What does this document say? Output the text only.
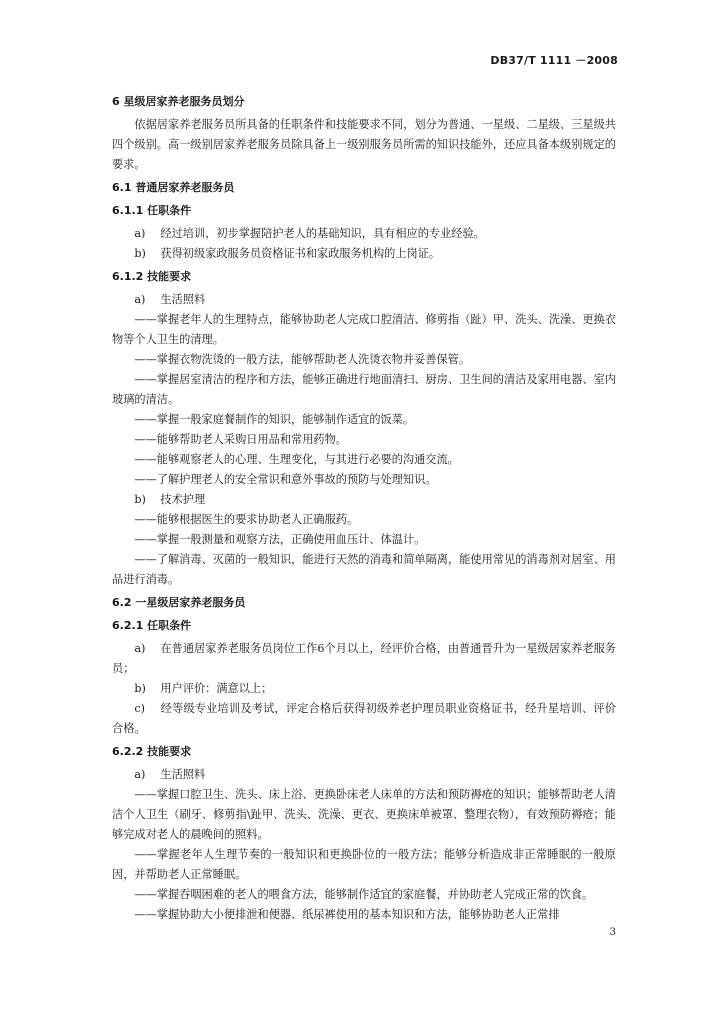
DB37/T 1111 －2008
6 星级居家养老服务员划分

依据居家养老服务员所具备的任职条件和技能要求不同，划分为普通、一星级、二星级、三星级共四个级别。高一级别居家养老服务员除具备上一级别服务员所需的知识技能外，还应具备本级别规定的要求。

6.1 普通居家养老服务员
6.1.1 任职条件

a) 经过培训，初步掌握陪护老人的基础知识，具有相应的专业经验。

b) 获得初级家政服务员资格证书和家政服务机构的上岗证。

6.1.2 技能要求

a) 生活照料

——掌握老年人的生理特点，能够协助老人完成口腔清洁、修剪指（趾）甲、洗头、洗澡、更换衣物等个人卫生的清理。

——掌握衣物洗烫的一般方法，能够帮助老人洗烫衣物并妥善保管。

——掌握居室清洁的程序和方法，能够正确进行地面清扫、厨房、卫生间的清洁及家用电器、室内玻璃的清洁。

——掌握一般家庭餐制作的知识，能够制作适宜的饭菜。

——能够帮助老人采购日用品和常用药物。

——能够观察老人的心理、生理变化，与其进行必要的沟通交流。

——了解护理老人的安全常识和意外事故的预防与处理知识。

b) 技术护理

——能够根据医生的要求协助老人正确服药。

——掌握一般测量和观察方法，正确使用血压计、体温计。

——了解消毒、灭菌的一般知识，能进行天然的消毒和简单隔离，能使用常见的消毒剂对居室、用品进行消毒。

6.2 一星级居家养老服务员
6.2.1 任职条件

a) 在普通居家养老服务员岗位工作6个月以上，经评价合格，由普通晋升为一星级居家养老服务员；

b) 用户评价：满意以上；

c) 经等级专业培训及考试，评定合格后获得初级养老护理员职业资格证书，经升星培训、评价合格。

6.2.2 技能要求

a) 生活照料

——掌握口腔卫生、洗头、床上浴、更换卧床老人床单的方法和预防褥疮的知识；能够帮助老人清洁个人卫生（刷牙、修剪指\趾甲、洗头、洗澡、更衣、更换床单被罩、整理衣物），有效预防褥疮；能够完成对老人的晨晚间的照料。

——掌握老年人生理节奏的一般知识和更换卧位的一般方法；能够分析造成非正常睡眠的一般原因，并帮助老人正常睡眠。

——掌握吞咽困难的老人的喂食方法，能够制作适宜的家庭餐，并协助老人完成正常的饮食。

——掌握协助大小便排泄和便器、纸尿裤使用的基本知识和方法，能够协助老人正常排

3
